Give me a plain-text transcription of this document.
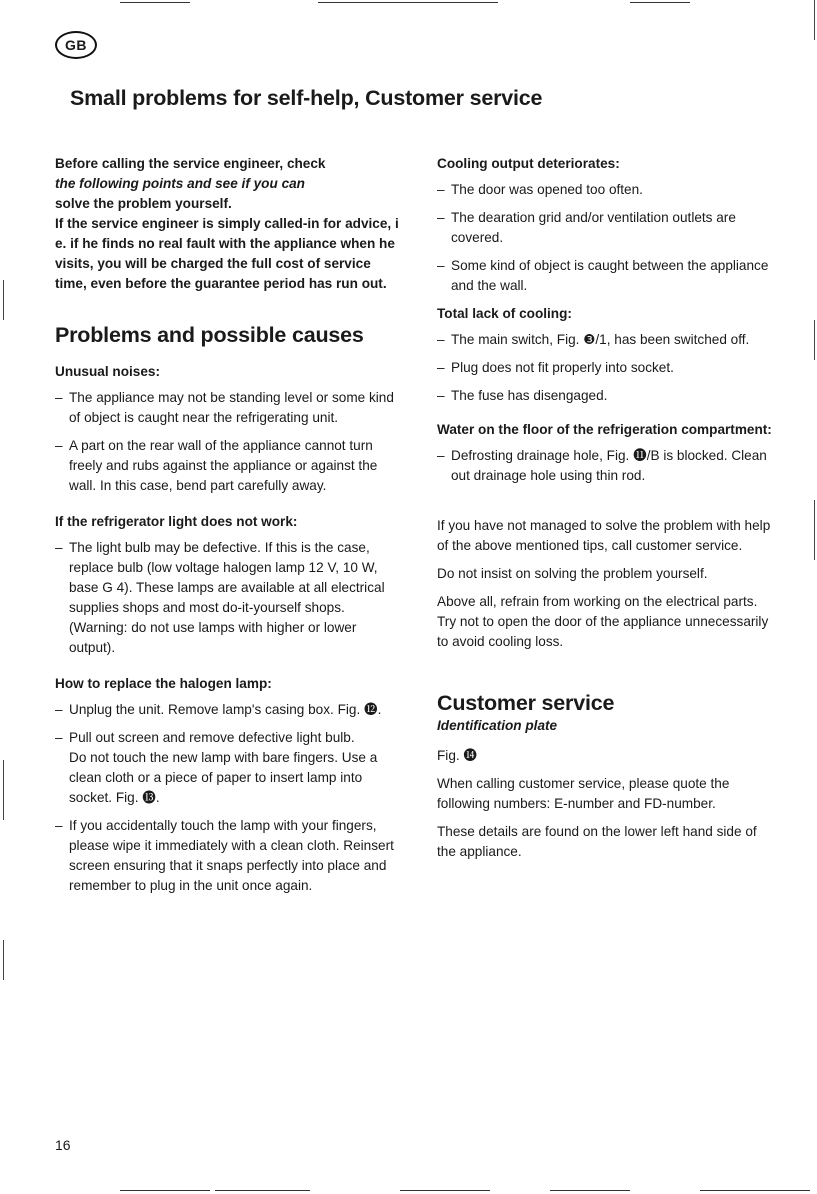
GB
Small problems for self-help, Customer service

Before calling the service engineer, check
the following points and see if you can
solve the problem yourself.
If the service engineer is simply called-in for advice, i e. if he finds no real fault with the appliance when he visits, you will be charged the full cost of service time, even before the guarantee period has run out.

Problems and possible causes

Unusual noises:

– The appliance may not be standing level or some kind of object is caught near the refrigerating unit.
– A part on the rear wall of the appliance cannot turn freely and rubs against the appliance or against the wall. In this case, bend part carefully away.

If the refrigerator light does not work:

– The light bulb may be defective. If this is the case, replace bulb (low voltage halogen lamp 12 V, 10 W, base G 4). These lamps are available at all electrical supplies shops and most do-it-yourself shops. (Warning: do not use lamps with higher or lower output).

How to replace the halogen lamp:

– Unplug the unit. Remove lamp's casing box. Fig. ⓬.
– Pull out screen and remove defective light bulb.
Do not touch the new lamp with bare fingers. Use a clean cloth or a piece of paper to insert lamp into socket. Fig. ⓭.
– If you accidentally touch the lamp with your fingers, please wipe it immediately with a clean cloth. Reinsert screen ensuring that it snaps perfectly into place and remember to plug in the unit once again.

Cooling output deteriorates:

– The door was opened too often.
– The dearation grid and/or ventilation outlets are covered.
– Some kind of object is caught between the appliance and the wall.

Total lack of cooling:

– The main switch, Fig. ❸/1, has been switched off.
– Plug does not fit properly into socket.
– The fuse has disengaged.

Water on the floor of the refrigeration compartment:

– Defrosting drainage hole, Fig. ⓫/B is blocked. Clean out drainage hole using thin rod.

If you have not managed to solve the problem with help of the above mentioned tips, call customer service.

Do not insist on solving the problem yourself.

Above all, refrain from working on the electrical parts. Try not to open the door of the appliance unnecessarily to avoid cooling loss.

Customer service

Identification plate

Fig. ⓮

When calling customer service, please quote the following numbers: E-number and FD-number.

These details are found on the lower left hand side of the appliance.

16
